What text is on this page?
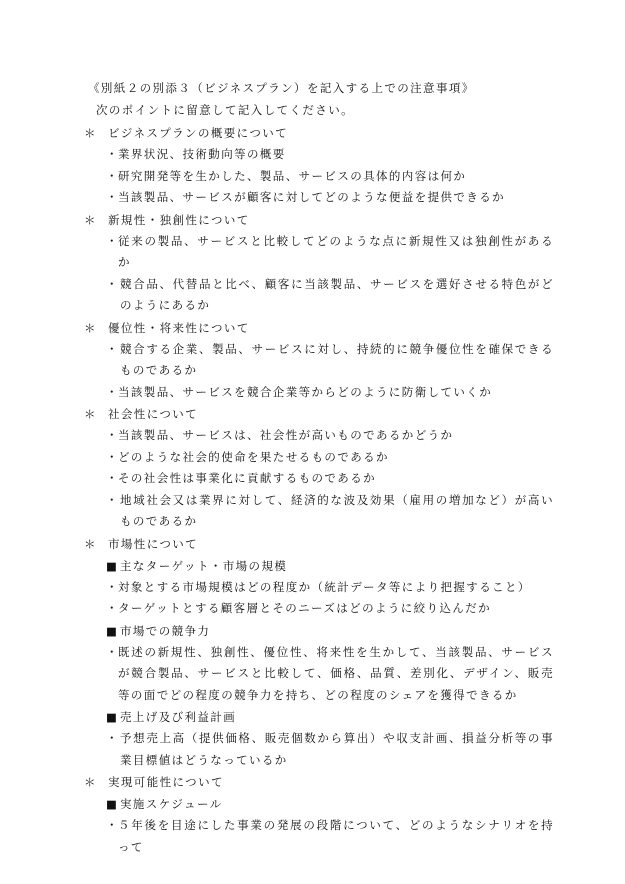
《別紙２の別添３（ビジネスプラン）を記入する上での注意事項》
次のポイントに留意して記入してください。
＊ ビジネスプランの概要について
・ 業界状況、技術動向等の概要
・ 研究開発等を生かした、製品、サービスの具体的内容は何か
・ 当該製品、サービスが顧客に対してどのような便益を提供できるか
＊ 新規性・独創性について
・ 従来の製品、サービスと比較してどのような点に新規性又は独創性があるか
・ 競合品、代替品と比べ、顧客に当該製品、サービスを選好させる特色がどのようにあるか
＊ 優位性・将来性について
・ 競合する企業、製品、サービスに対し、持続的に競争優位性を確保できるものであるか
・ 当該製品、サービスを競合企業等からどのように防衛していくか
＊ 社会性について
・ 当該製品、サービスは、社会性が高いものであるかどうか
・ どのような社会的使命を果たせるものであるか
・ その社会性は事業化に貢献するものであるか
・ 地域社会又は業界に対して、経済的な波及効果（雇用の増加など）が高いものであるか
＊ 市場性について
■ 主なターゲット・市場の規模
・ 対象とする市場規模はどの程度か（統計データ等により把握すること）
・ ターゲットとする顧客層とそのニーズはどのように絞り込んだか
■ 市場での競争力
・ 既述の新規性、独創性、優位性、将来性を生かして、当該製品、サービスが競合製品、サービスと比較して、価格、品質、差別化、デザイン、販売等の面でどの程度の競争力を持ち、どの程度のシェアを獲得できるか
■ 売上げ及び利益計画
・ 予想売上高（提供価格、販売個数から算出）や収支計画、損益分析等の事業目標値はどうなっているか
＊ 実現可能性について
■ 実施スケジュール
・ ５年後を目途にした事業の発展の段階について、どのようなシナリオを持って
